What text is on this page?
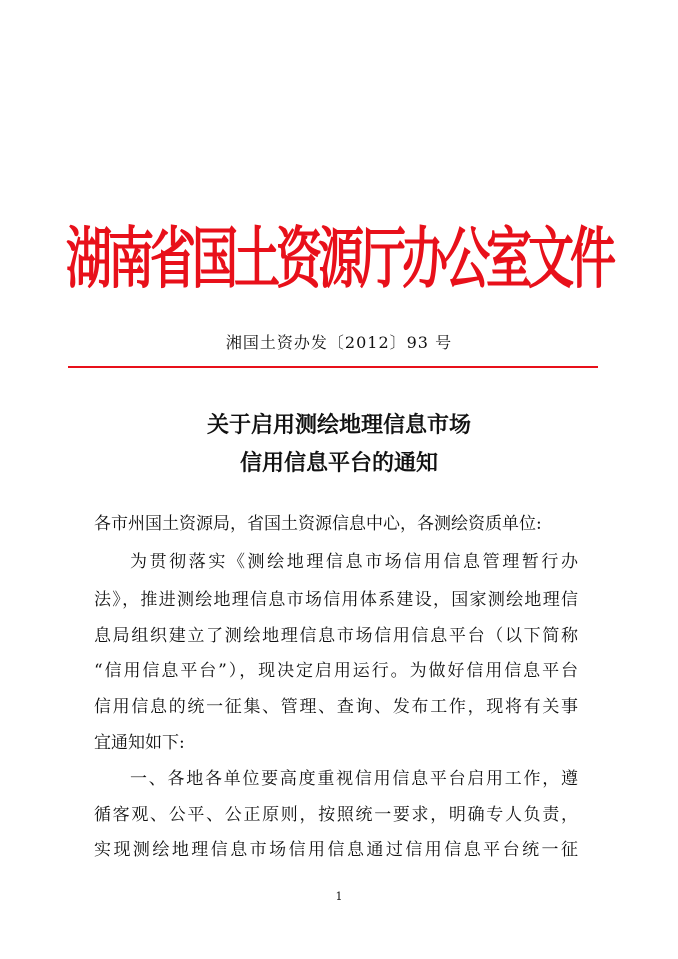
湖南省国土资源厅办公室文件
湘国土资办发〔2012〕93 号
关于启用测绘地理信息市场
信用信息平台的通知
各市州国土资源局，省国土资源信息中心，各测绘资质单位:
为贯彻落实《测绘地理信息市场信用信息管理暂行办
法》，推进测绘地理信息市场信用体系建设，国家测绘地理信
息局组织建立了测绘地理信息市场信用信息平台（以下简称
“信用信息平台”），现决定启用运行。为做好信用信息平台
信用信息的统一征集、管理、查询、发布工作，现将有关事
宜通知如下:
一、各地各单位要高度重视信用信息平台启用工作，遵
循客观、公平、公正原则，按照统一要求，明确专人负责，
实现测绘地理信息市场信用信息通过信用信息平台统一征
1
